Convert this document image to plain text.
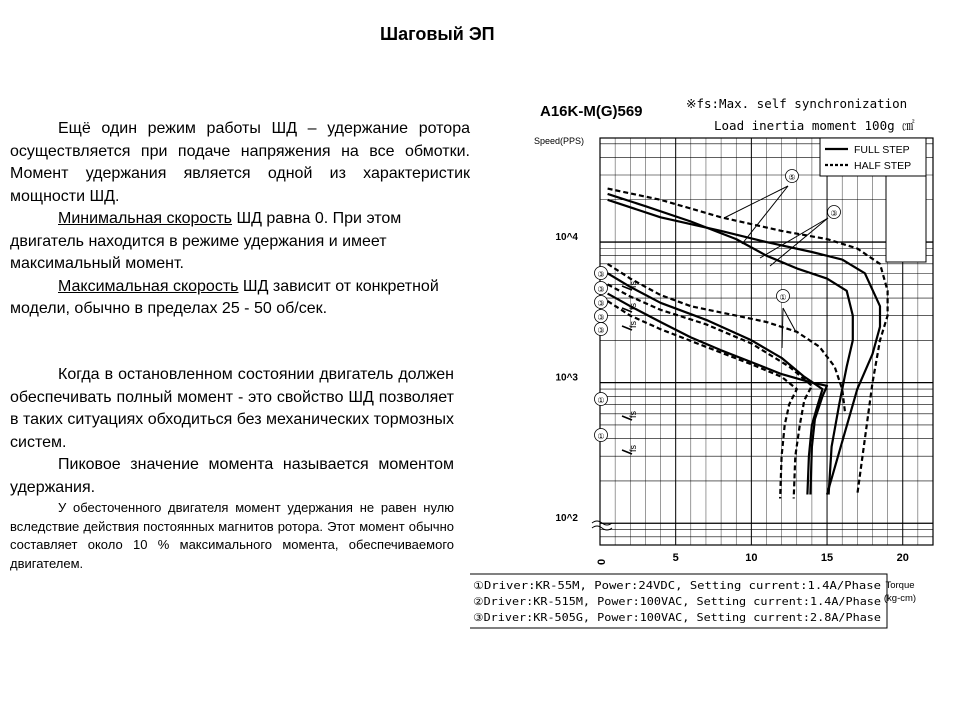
Шаговый ЭП

Ещё один режим работы ШД – удержание ротора осуществляется при подаче напряжения на все обмотки. Момент удержания является одной из характеристик мощности ШД.

Минимальная скорость ШД равна 0. При этом двигатель находится в режиме удержания и имеет максимальный момент.

Максимальная скорость ШД зависит от конкретной модели, обычно в пределах 25 - 50 об/сек.

Когда в остановленном состоянии двигатель должен обеспечивать полный момент - это свойство ШД позволяет в таких ситуациях обходиться без механических тормозных систем.

Пиковое значение момента называется моментом удержания.

У обесточенного двигателя момент удержания не равен нулю вследствие действия постоянных магнитов ротора. Этот момент обычно составляет около 10 % максимального момента, обеспечиваемого двигателем.	0	5	10	15	20
10^2
10^3
10^4
A16K-M(G)569	※fs:Max. self synchronization
Load inertia moment 100g ㎠
Speed(PPS)
FULL STEP
HALF STEP
⑤
③
①
③
③
③
③
③
①
①
fs
fs
fs
fs
fs
①Driver:KR-55M, Power:24VDC, Setting current:1.4A/Phase
②Driver:KR-515M, Power:100VAC, Setting current:1.4A/Phase
③Driver:KR-505G, Power:100VAC, Setting current:2.8A/Phase
Torque
(kg-cm)
